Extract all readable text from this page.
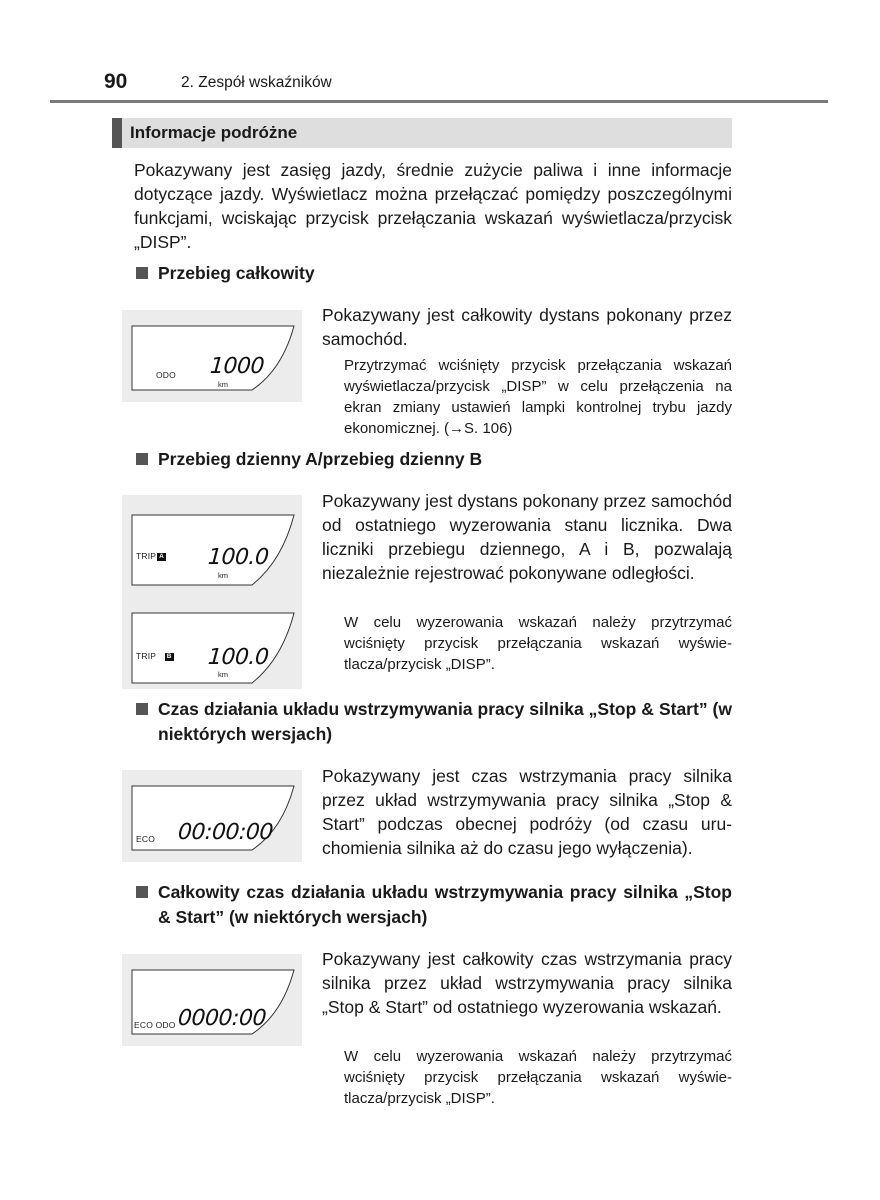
90	2. Zespół wskaźników
Informacje podróżne
Pokazywany jest zasięg jazdy, średnie zużycie paliwa i inne informacje dotyczące jazdy. Wyświetlacz można przełączać pomiędzy poszczególnymi funkcjami, wciskając przycisk przełączania wskazań wyświetlacza/przycisk „DISP”.
Przebieg całkowity
ODO 1000
km
Pokazywany jest całkowity dystans pokonany przez samochód.
Przytrzymać wciśnięty przycisk przełączania wskazań wyświetlacza/przycisk „DISP” w celu przełączenia na ekran zmiany ustawień lampki kontrolnej trybu jazdy ekonomicznej. (→S. 106)
Przebieg dzienny A/przebieg dzienny B
TRIP A 100.0
km
TRIP B 100.0
km
Pokazywany jest dystans pokonany przez samochód od ostatniego wyzerowania stanu licznika. Dwa liczniki przebiegu dziennego, A i B, pozwalają niezależnie rejestrować pokonywane odległości.
W celu wyzerowania wskazań należy przytrzymać wciśnięty przycisk przełączania wskazań wyświetlacza/przycisk „DISP”.
Czas działania układu wstrzymywania pracy silnika „Stop & Start” (w niektórych wersjach)
ECO 00:00:00
Pokazywany jest czas wstrzymania pracy silnika przez układ wstrzymywania pracy silnika „Stop & Start” podczas obecnej podróży (od czasu uruchomienia silnika aż do czasu jego wyłączenia).
Całkowity czas działania układu wstrzymywania pracy silnika „Stop & Start” (w niektórych wersjach)
ECO ODO 0000:00
Pokazywany jest całkowity czas wstrzymania pracy silnika przez układ wstrzymywania pracy silnika „Stop & Start” od ostatniego wyzerowania wskazań.
W celu wyzerowania wskazań należy przytrzymać wciśnięty przycisk przełączania wskazań wyświetlacza/przycisk „DISP”.
